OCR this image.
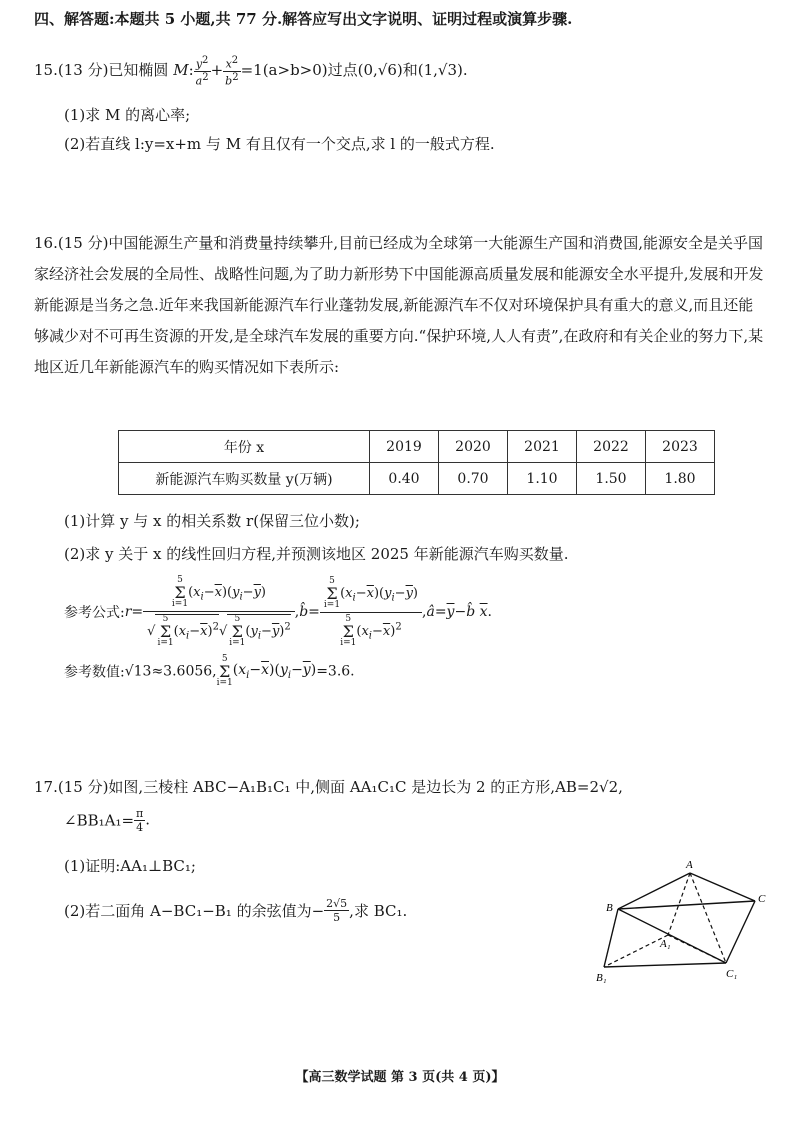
四、解答题:本题共 5 小题,共 77 分.解答应写出文字说明、证明过程或演算步骤.
15.(13 分)已知椭圆 M: $\frac{y2}{a2} + \frac{x2}{b2} =1(a>b>0)$过点(0,√6)和(1,√3).
(1)求 M 的离心率;
(2)若直线 l:y=x+m 与 M 有且仅有一个交点,求 l 的一般式方程.
16.(15 分)中国能源生产量和消费量持续攀升,目前已经成为全球第一大能源生产国和消费国,能源安全是关乎国家经济社会发展的全局性、战略性问题,为了助力新形势下中国能源高质量发展和能源安全水平提升,发展和开发新能源是当务之急.近年来我国新能源汽车行业蓬勃发展,新能源汽车不仅对环境保护具有重大的意义,而且还能够减少对不可再生资源的开发,是全球汽车发展的重要方向.“保护环境,人人有责”,在政府和有关企业的努力下,某地区近几年新能源汽车的购买情况如下表所示:
年份 x	2019	2020	2021	2022	2023
新能源汽车购买数量 y(万辆)	0.40	0.70	1.10	1.50	1.80
(1)计算 y 与 x 的相关系数 r(保留三位小数);
(2)求 y 关于 x 的线性回归方程,并预测该地区 2025 年新能源汽车购买数量.
参考公式:r= 5
Σ
$i=1(x_i-\overline{x})(y_i-\overline{y})$
√5
Σ
$i=1(x_i-\overline{x})^2√5$
Σ
$i=1(y_i-\overline{y})^2$ ,b̂= 5
Σ
$i=1(x_i-\overline{x})(y_i-\overline{y})$
5
Σ
$i=1(x_i-\overline{x})^2$ $,â=\overline{y}-b̂$ $\overline{x}$.
参考数值:√13≈3.6056,5
Σ
$i=1(x_i-\overline{x})(y_i-\overline{y})=3.6$.
17.(15 分)如图,三棱柱 ABC−A₁B₁C₁ 中,侧面 AA₁C₁C 是边长为 2 的正方形,AB=2√2,
∠BB₁A₁= $\frac{\pi}{4}$ .
(1)证明:AA₁⊥BC₁;
(2)若二面角 A−BC₁−B₁ 的余弦值为− $\frac{2√5}{5}$ ,求 BC₁.
A
B
C
A₁
B₁	C₁
【高三数学试题 第 3 页(共 4 页)】
